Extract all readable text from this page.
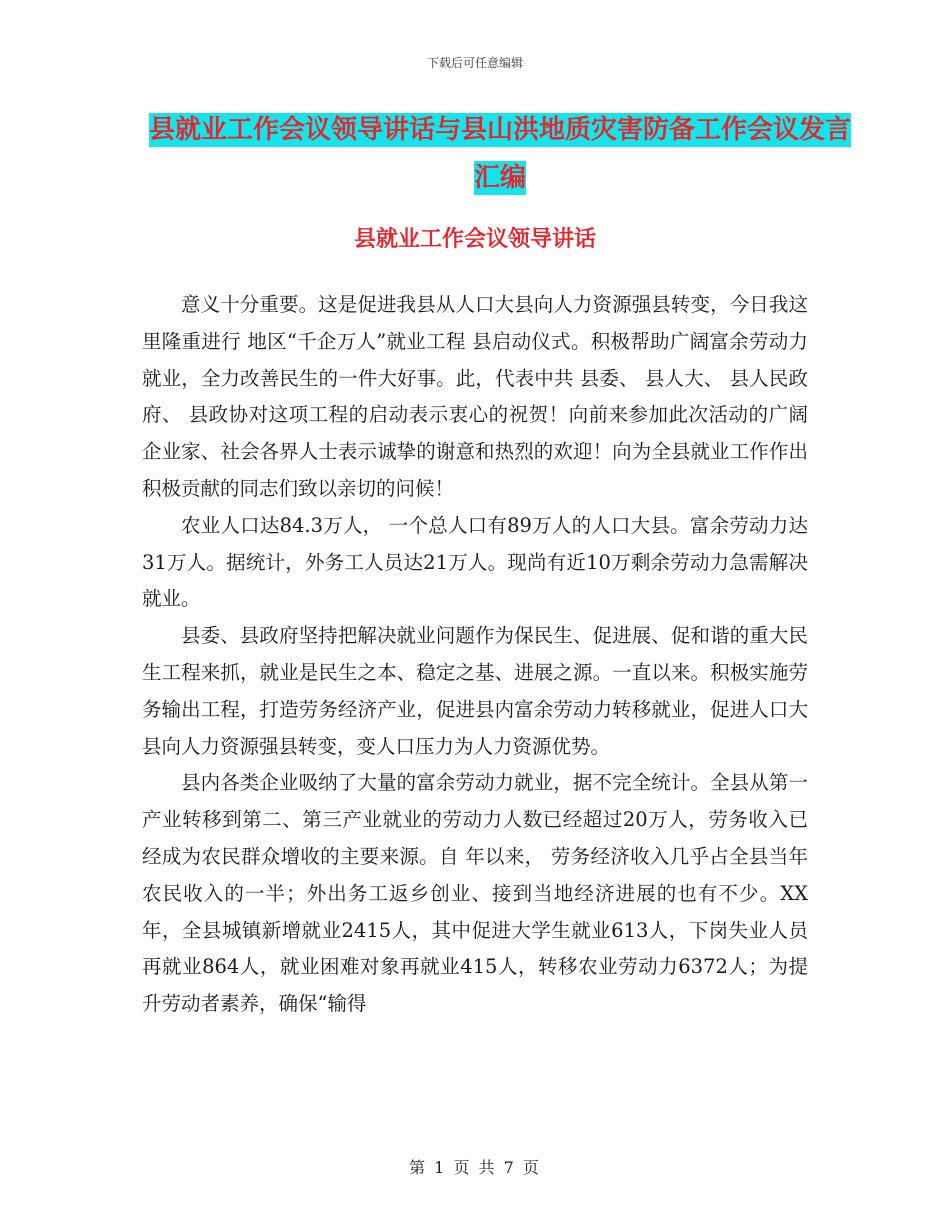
下载后可任意编辑
县就业工作会议领导讲话与县山洪地质灾害防备工作会议发言汇编
县就业工作会议领导讲话

意义十分重要。这是促进我县从人口大县向人力资源强县转变，今日我这里隆重进行 地区“千企万人”就业工程 县启动仪式。积极帮助广阔富余劳动力就业，全力改善民生的一件大好事。此，代表中共 县委、 县人大、 县人民政府、 县政协对这项工程的启动表示衷心的祝贺！向前来参加此次活动的广阔企业家、社会各界人士表示诚挚的谢意和热烈的欢迎！向为全县就业工作作出积极贡献的同志们致以亲切的问候！

农业人口达84.3万人， 一个总人口有89万人的人口大县。富余劳动力达31万人。据统计，外务工人员达21万人。现尚有近10万剩余劳动力急需解决就业。

县委、县政府坚持把解决就业问题作为保民生、促进展、促和谐的重大民生工程来抓，就业是民生之本、稳定之基、进展之源。一直以来。积极实施劳务输出工程，打造劳务经济产业，促进县内富余劳动力转移就业，促进人口大县向人力资源强县转变，变人口压力为人力资源优势。

县内各类企业吸纳了大量的富余劳动力就业，据不完全统计。全县从第一产业转移到第二、第三产业就业的劳动力人数已经超过20万人，劳务收入已经成为农民群众增收的主要来源。自 年以来， 劳务经济收入几乎占全县当年农民收入的一半；外出务工返乡创业、接到当地经济进展的也有不少。XX年，全县城镇新增就业2415人，其中促进大学生就业613人，下岗失业人员再就业864人，就业困难对象再就业415人，转移农业劳动力6372人；为提升劳动者素养，确保“输得

第 1 页 共 7 页
